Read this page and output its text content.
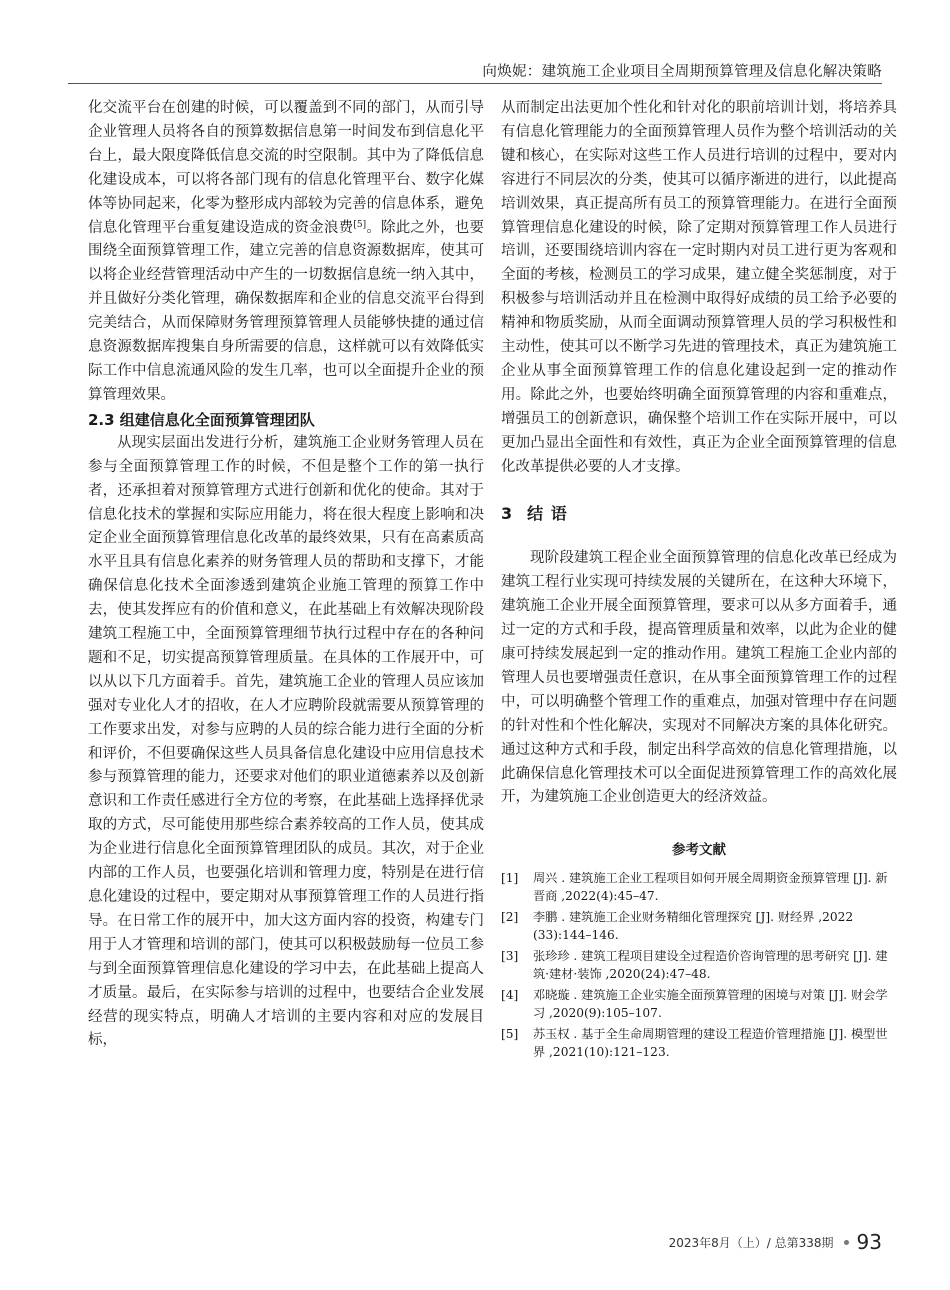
向焕妮：建筑施工企业项目全周期预算管理及信息化解决策略

化交流平台在创建的时候，可以覆盖到不同的部门，从而引导企业管理人员将各自的预算数据信息第一时间发布到信息化平台上，最大限度降低信息交流的时空限制。其中为了降低信息化建设成本，可以将各部门现有的信息化管理平台、数字化媒体等协同起来，化零为整形成内部较为完善的信息体系，避免信息化管理平台重复建设造成的资金浪费[5]。除此之外，也要围绕全面预算管理工作，建立完善的信息资源数据库，使其可以将企业经营管理活动中产生的一切数据信息统一纳入其中，并且做好分类化管理，确保数据库和企业的信息交流平台得到完美结合，从而保障财务管理预算管理人员能够快捷的通过信息资源数据库搜集自身所需要的信息，这样就可以有效降低实际工作中信息流通风险的发生几率，也可以全面提升企业的预算管理效果。

2.3 组建信息化全面预算管理团队

从现实层面出发进行分析，建筑施工企业财务管理人员在参与全面预算管理工作的时候，不但是整个工作的第一执行者，还承担着对预算管理方式进行创新和优化的使命。其对于信息化技术的掌握和实际应用能力，将在很大程度上影响和决定企业全面预算管理信息化改革的最终效果，只有在高素质高水平且具有信息化素养的财务管理人员的帮助和支撑下，才能确保信息化技术全面渗透到建筑企业施工管理的预算工作中去，使其发挥应有的价值和意义，在此基础上有效解决现阶段建筑工程施工中，全面预算管理细节执行过程中存在的各种问题和不足，切实提高预算管理质量。在具体的工作展开中，可以从以下几方面着手。首先，建筑施工企业的管理人员应该加强对专业化人才的招收，在人才应聘阶段就需要从预算管理的工作要求出发，对参与应聘的人员的综合能力进行全面的分析和评价，不但要确保这些人员具备信息化建设中应用信息技术参与预算管理的能力，还要求对他们的职业道德素养以及创新意识和工作责任感进行全方位的考察，在此基础上选择择优录取的方式，尽可能使用那些综合素养较高的工作人员，使其成为企业进行信息化全面预算管理团队的成员。其次，对于企业内部的工作人员，也要强化培训和管理力度，特别是在进行信息化建设的过程中，要定期对从事预算管理工作的人员进行指导。在日常工作的展开中，加大这方面内容的投资，构建专门用于人才管理和培训的部门，使其可以积极鼓励每一位员工参与到全面预算管理信息化建设的学习中去，在此基础上提高人才质量。最后，在实际参与培训的过程中，也要结合企业发展经营的现实特点，明确人才培训的主要内容和对应的发展目标，

从而制定出法更加个性化和针对化的职前培训计划，将培养具有信息化管理能力的全面预算管理人员作为整个培训活动的关键和核心，在实际对这些工作人员进行培训的过程中，要对内容进行不同层次的分类，使其可以循序渐进的进行，以此提高培训效果，真正提高所有员工的预算管理能力。在进行全面预算管理信息化建设的时候，除了定期对预算管理工作人员进行培训，还要围绕培训内容在一定时期内对员工进行更为客观和全面的考核，检测员工的学习成果，建立健全奖惩制度，对于积极参与培训活动并且在检测中取得好成绩的员工给予必要的精神和物质奖励，从而全面调动预算管理人员的学习积极性和主动性，使其可以不断学习先进的管理技术，真正为建筑施工企业从事全面预算管理工作的信息化建设起到一定的推动作用。除此之外，也要始终明确全面预算管理的内容和重难点，增强员工的创新意识，确保整个培训工作在实际开展中，可以更加凸显出全面性和有效性，真正为企业全面预算管理的信息化改革提供必要的人才支撑。

3 结 语

现阶段建筑工程企业全面预算管理的信息化改革已经成为建筑工程行业实现可持续发展的关键所在，在这种大环境下，建筑施工企业开展全面预算管理，要求可以从多方面着手，通过一定的方式和手段，提高管理质量和效率，以此为企业的健康可持续发展起到一定的推动作用。建筑工程施工企业内部的管理人员也要增强责任意识，在从事全面预算管理工作的过程中，可以明确整个管理工作的重难点，加强对管理中存在问题的针对性和个性化解决，实现对不同解决方案的具体化研究。通过这种方式和手段，制定出科学高效的信息化管理措施，以此确保信息化管理技术可以全面促进预算管理工作的高效化展开，为建筑施工企业创造更大的经济效益。

参考文献
[1]	周兴 . 建筑施工企业工程项目如何开展全周期资金预算管理 [J]. 新晋商 ,2022(4):45–47.
[2]	李鹏 . 建筑施工企业财务精细化管理探究 [J]. 财经界 ,2022 (33):144–146.
[3]	张珍珍 . 建筑工程项目建设全过程造价咨询管理的思考研究 [J]. 建筑·建材·装饰 ,2020(24):47–48.
[4]	邓晓璇 . 建筑施工企业实施全面预算管理的困境与对策 [J]. 财会学习 ,2020(9):105–107.
[5]	苏玉权 . 基于全生命周期管理的建设工程造价管理措施 [J]. 模型世界 ,2021(10):121–123.
2023年8月（上）/ 总第338期 93
